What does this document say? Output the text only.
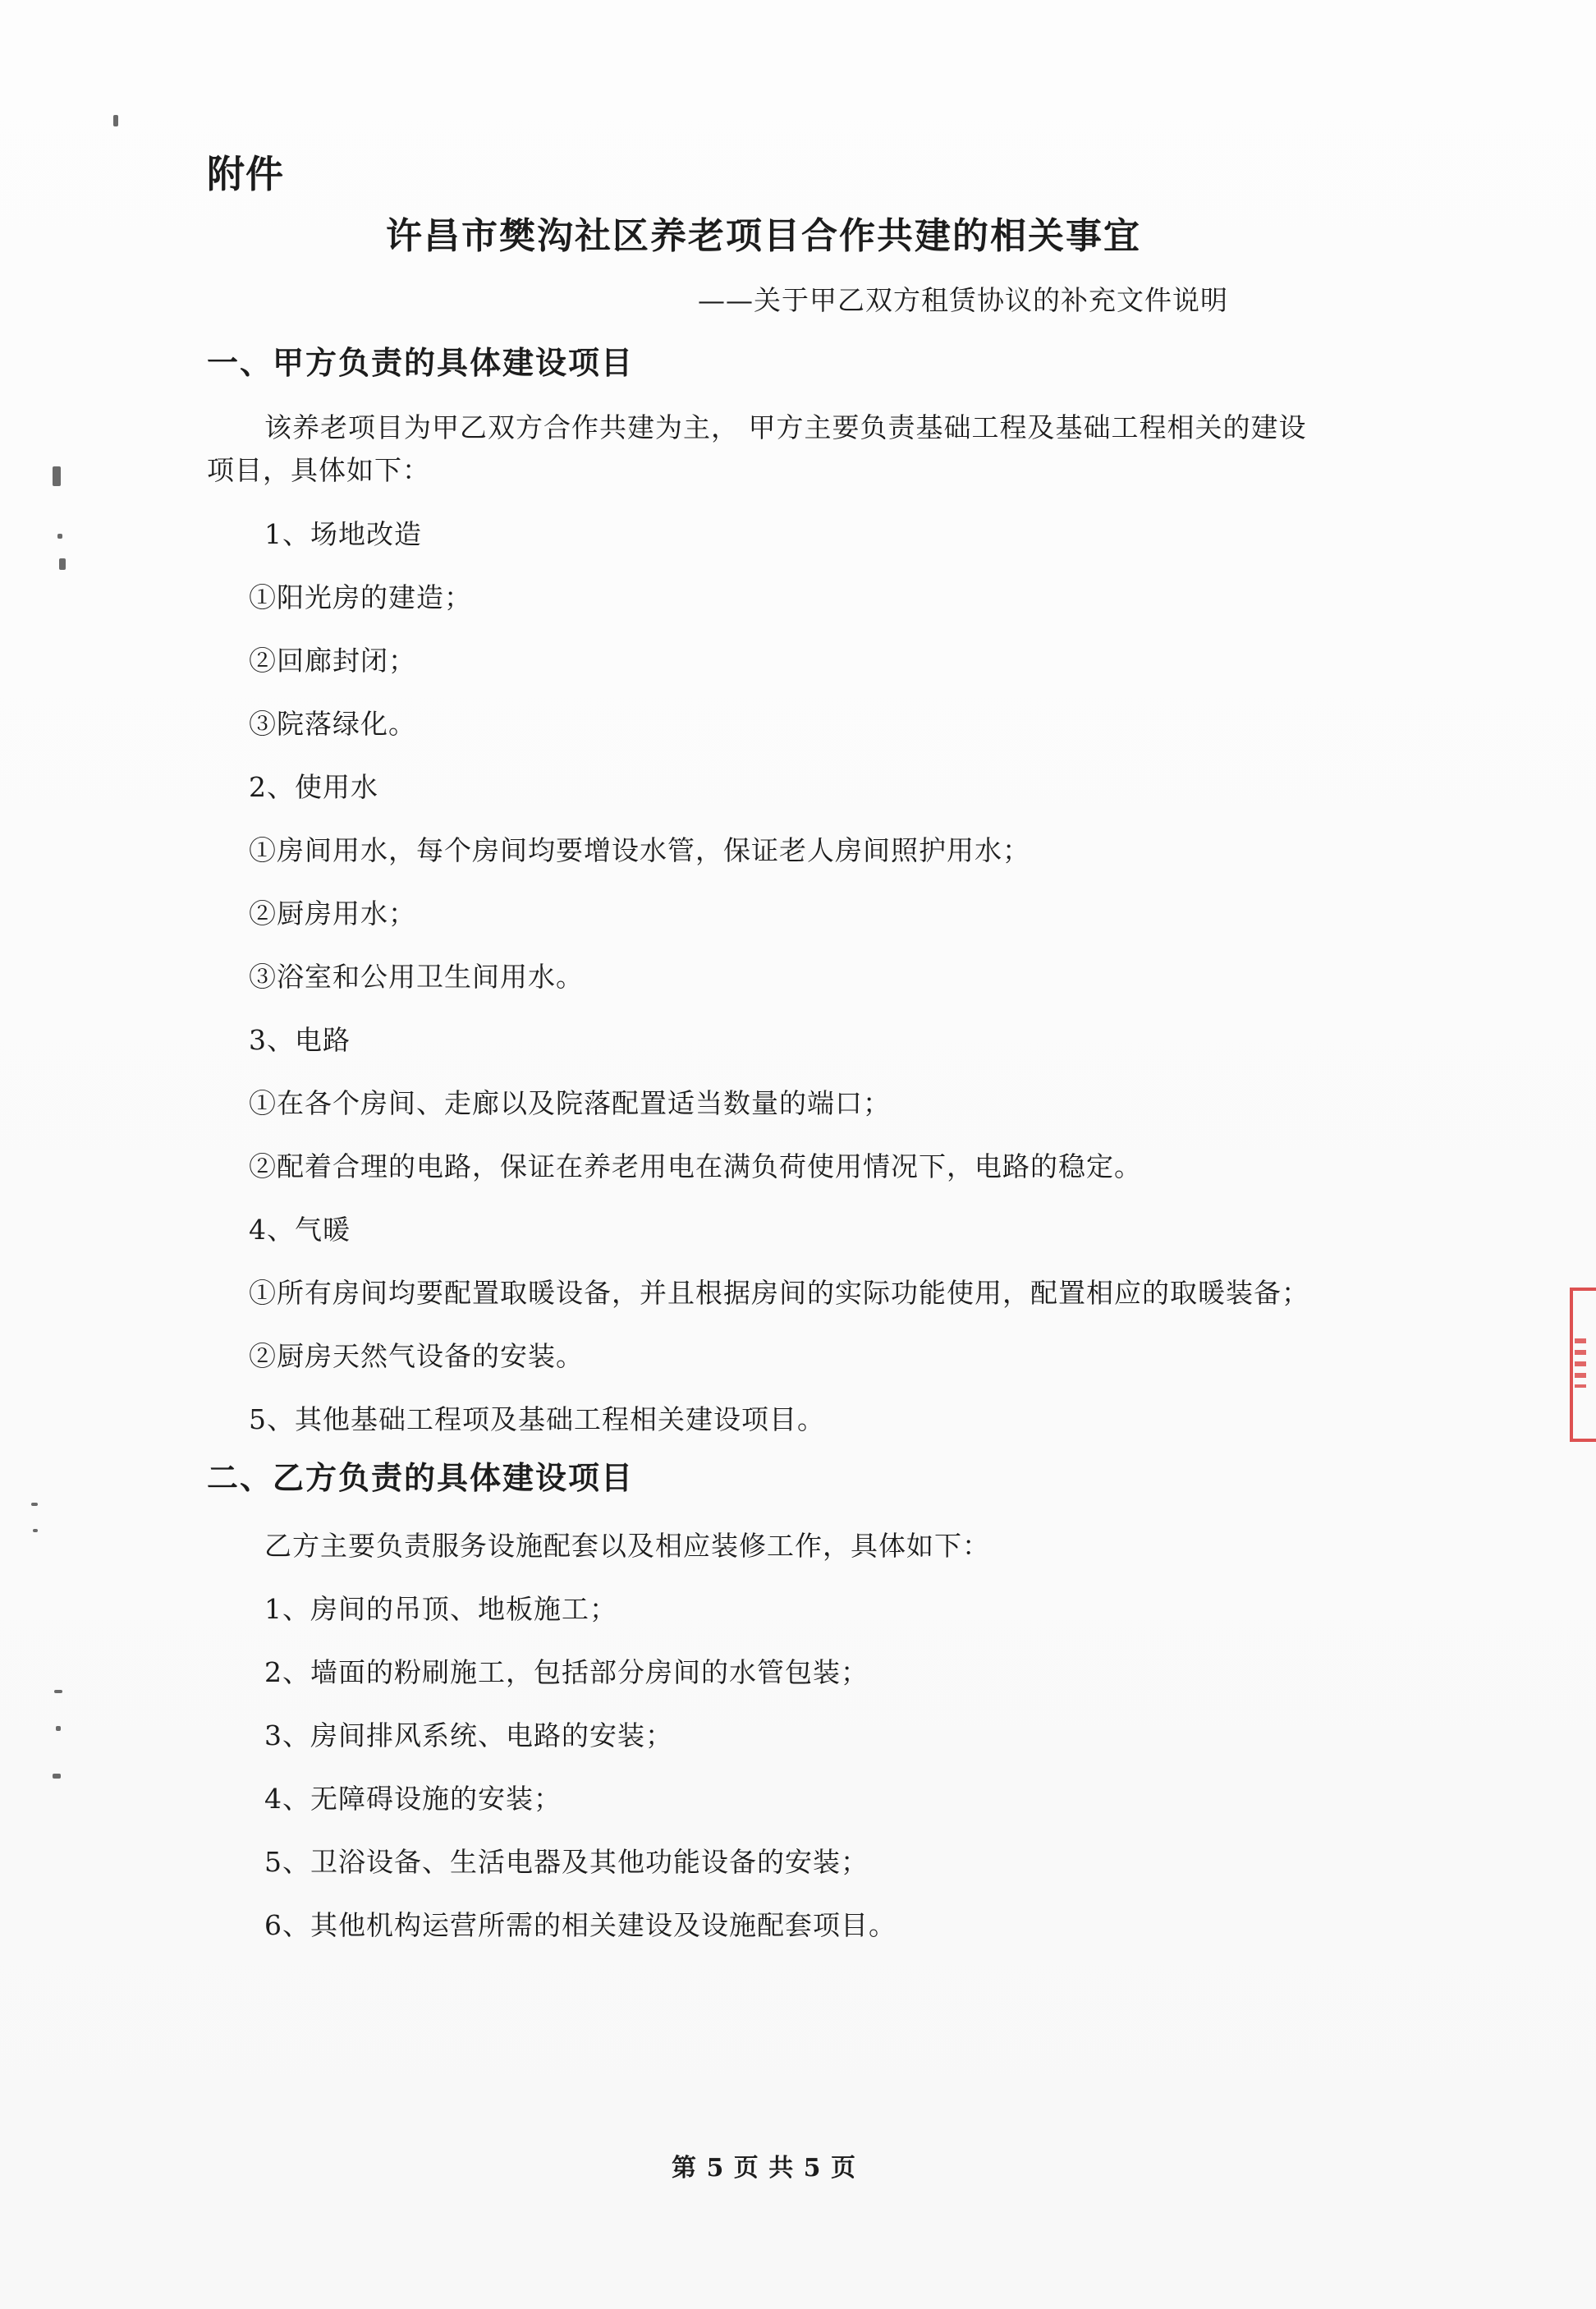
附件
许昌市樊沟社区养老项目合作共建的相关事宜
——关于甲乙双方租赁协议的补充文件说明
一、甲方负责的具体建设项目
该养老项目为甲乙双方合作共建为主， 甲方主要负责基础工程及基础工程相关的建设
项目，具体如下：
1、场地改造
①阳光房的建造；
②回廊封闭；
③院落绿化。
2、使用水
①房间用水，每个房间均要增设水管，保证老人房间照护用水；
②厨房用水；
③浴室和公用卫生间用水。
3、电路
①在各个房间、走廊以及院落配置适当数量的端口；
②配着合理的电路，保证在养老用电在满负荷使用情况下，电路的稳定。
4、气暖
①所有房间均要配置取暖设备，并且根据房间的实际功能使用，配置相应的取暖装备；
②厨房天然气设备的安装。
5、其他基础工程项及基础工程相关建设项目。
二、乙方负责的具体建设项目
乙方主要负责服务设施配套以及相应装修工作，具体如下：
1、房间的吊顶、地板施工；
2、墙面的粉刷施工，包括部分房间的水管包装；
3、房间排风系统、电路的安装；
4、无障碍设施的安装；
5、卫浴设备、生活电器及其他功能设备的安装；
6、其他机构运营所需的相关建设及设施配套项目。
第 5 页 共 5 页
